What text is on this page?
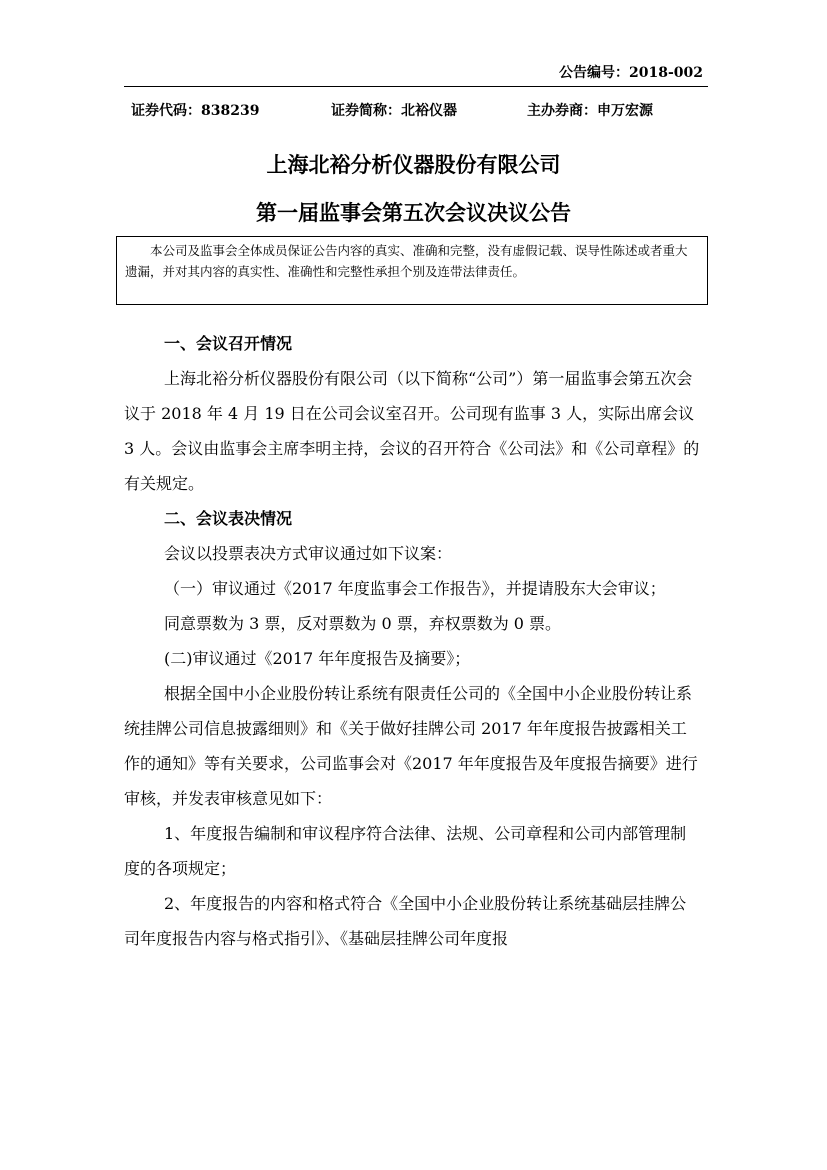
公告编号：2018-002
证券代码：838239	证券简称：北裕仪器	主办券商：申万宏源
上海北裕分析仪器股份有限公司
第一届监事会第五次会议决议公告

本公司及监事会全体成员保证公告内容的真实、准确和完整，没有虚假记载、误导性陈述或者重大遗漏，并对其内容的真实性、准确性和完整性承担个别及连带法律责任。

一、会议召开情况

上海北裕分析仪器股份有限公司（以下简称“公司”）第一届监事会第五次会议于 2018 年 4 月 19 日在公司会议室召开。公司现有监事 3 人，实际出席会议 3 人。会议由监事会主席李明主持，会议的召开符合《公司法》和《公司章程》的有关规定。

二、会议表决情况

会议以投票表决方式审议通过如下议案：

（一）审议通过《2017 年度监事会工作报告》，并提请股东大会审议；

同意票数为 3 票，反对票数为 0 票，弃权票数为 0 票。

(二)审议通过《2017 年年度报告及摘要》；

根据全国中小企业股份转让系统有限责任公司的《全国中小企业股份转让系统挂牌公司信息披露细则》和《关于做好挂牌公司 2017 年年度报告披露相关工作的通知》等有关要求，公司监事会对《2017 年年度报告及年度报告摘要》进行审核，并发表审核意见如下：

1、年度报告编制和审议程序符合法律、法规、公司章程和公司内部管理制度的各项规定；

2、年度报告的内容和格式符合《全国中小企业股份转让系统基础层挂牌公司年度报告内容与格式指引》、《基础层挂牌公司年度报
